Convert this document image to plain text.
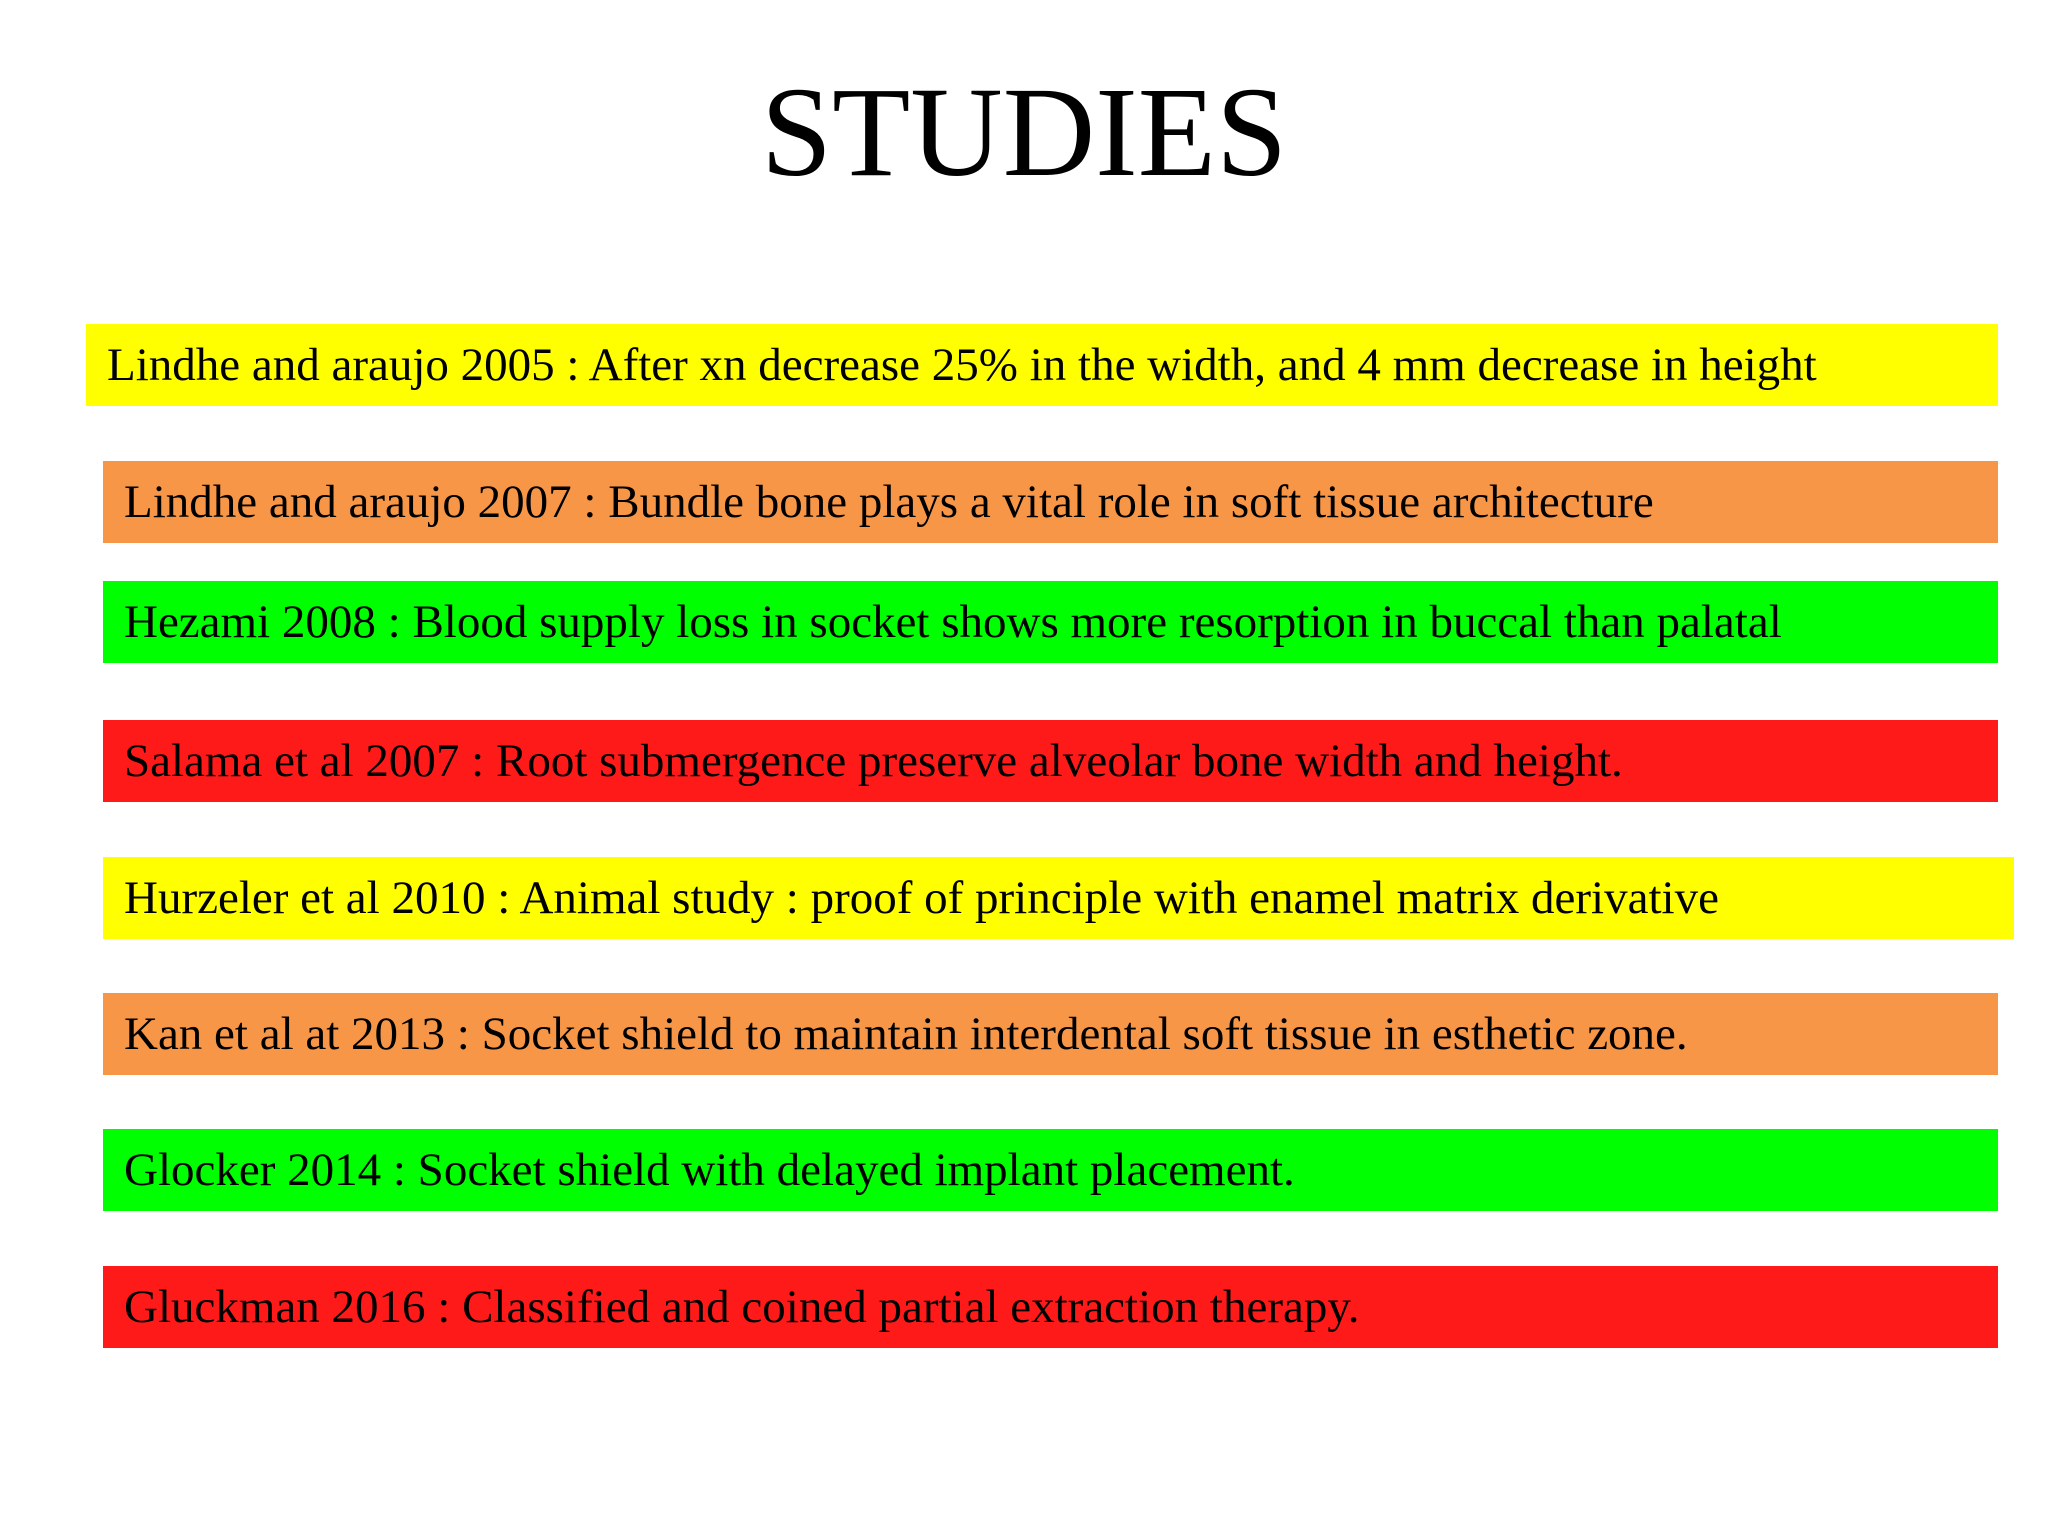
STUDIES
Lindhe and araujo 2005 : After xn decrease 25% in the width, and 4 mm decrease in height
Lindhe and araujo 2007 : Bundle bone plays a vital role in soft tissue architecture
Hezami 2008 : Blood supply loss in socket shows more resorption in buccal than palatal
Salama et al 2007 : Root submergence preserve alveolar bone width and height.
Hurzeler et al 2010 : Animal study : proof of principle with enamel matrix derivative
Kan et al at 2013 : Socket shield to maintain interdental soft tissue in esthetic zone.
Glocker 2014 : Socket shield with delayed implant placement.
Gluckman 2016 : Classified and coined partial extraction therapy.
